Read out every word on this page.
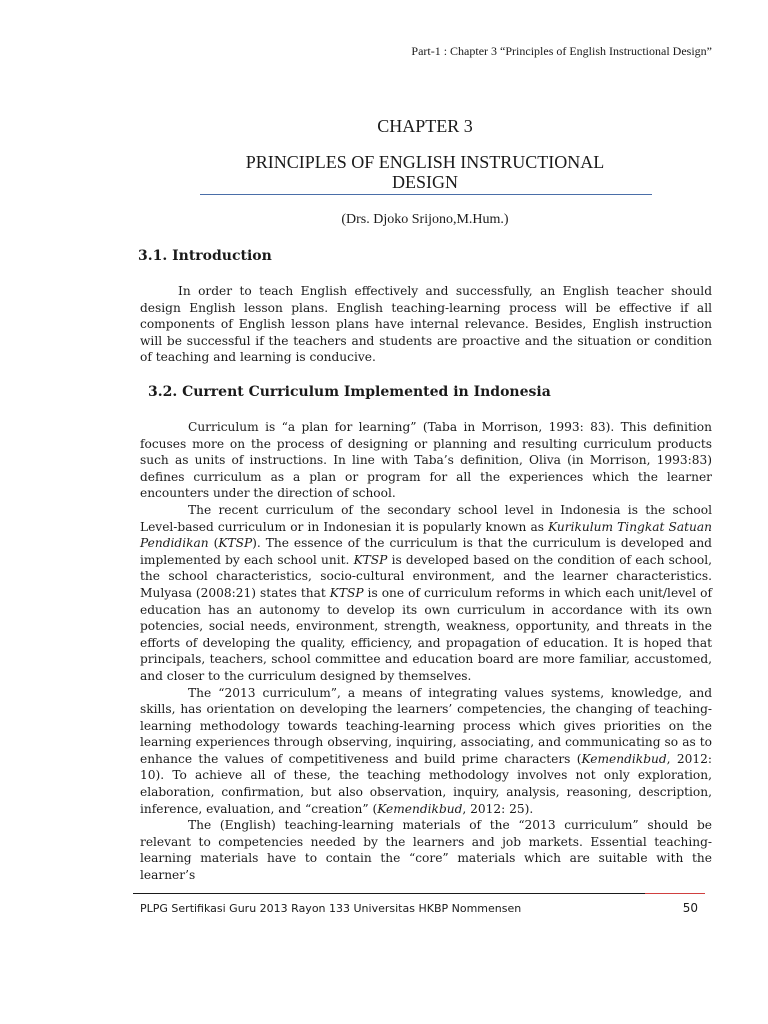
Part-1 : Chapter 3 “Principles of English Instructional Design”
CHAPTER 3
PRINCIPLES OF ENGLISH INSTRUCTIONAL
DESIGN
(Drs. Djoko Srijono,M.Hum.)
3.1. Introduction

In order to teach English effectively and successfully, an English teacher should design English lesson plans. English teaching-learning process will be effective if all components of English lesson plans have internal relevance. Besides, English instruction will be successful if the teachers and students are proactive and the situation or condition of teaching and learning is conducive.

3.2. Current Curriculum Implemented in Indonesia

Curriculum is “a plan for learning” (Taba in Morrison, 1993: 83). This definition focuses more on the process of designing or planning and resulting curriculum products such as units of instructions. In line with Taba’s definition, Oliva (in Morrison, 1993:83) defines curriculum as a plan or program for all the experiences which the learner encounters under the direction of school.

The recent curriculum of the secondary school level in Indonesia is the school Level-based curriculum or in Indonesian it is popularly known as Kurikulum Tingkat Satuan Pendidikan (KTSP). The essence of the curriculum is that the curriculum is developed and implemented by each school unit. KTSP is developed based on the condition of each school, the school characteristics, socio-cultural environment, and the learner characteristics. Mulyasa (2008:21) states that KTSP is one of curriculum reforms in which each unit/level of education has an autonomy to develop its own curriculum in accordance with its own potencies, social needs, environment, strength, weakness, opportunity, and threats in the efforts of developing the quality, efficiency, and propagation of education. It is hoped that principals, teachers, school committee and education board are more familiar, accustomed, and closer to the curriculum designed by themselves.

The “2013 curriculum”, a means of integrating values systems, knowledge, and skills, has orientation on developing the learners’ competencies, the changing of teaching-learning methodology towards teaching-learning process which gives priorities on the learning experiences through observing, inquiring, associating, and communicating so as to enhance the values of competitiveness and build prime characters (Kemendikbud, 2012: 10). To achieve all of these, the teaching methodology involves not only exploration, elaboration, confirmation, but also observation, inquiry, analysis, reasoning, description, inference, evaluation, and “creation” (Kemendikbud, 2012: 25).

The (English) teaching-learning materials of the “2013 curriculum” should be relevant to competencies needed by the learners and job markets. Essential teaching-learning materials have to contain the “core” materials which are suitable with the learner’s

PLPG Sertifikasi Guru 2013 Rayon 133 Universitas HKBP Nommensen	50
